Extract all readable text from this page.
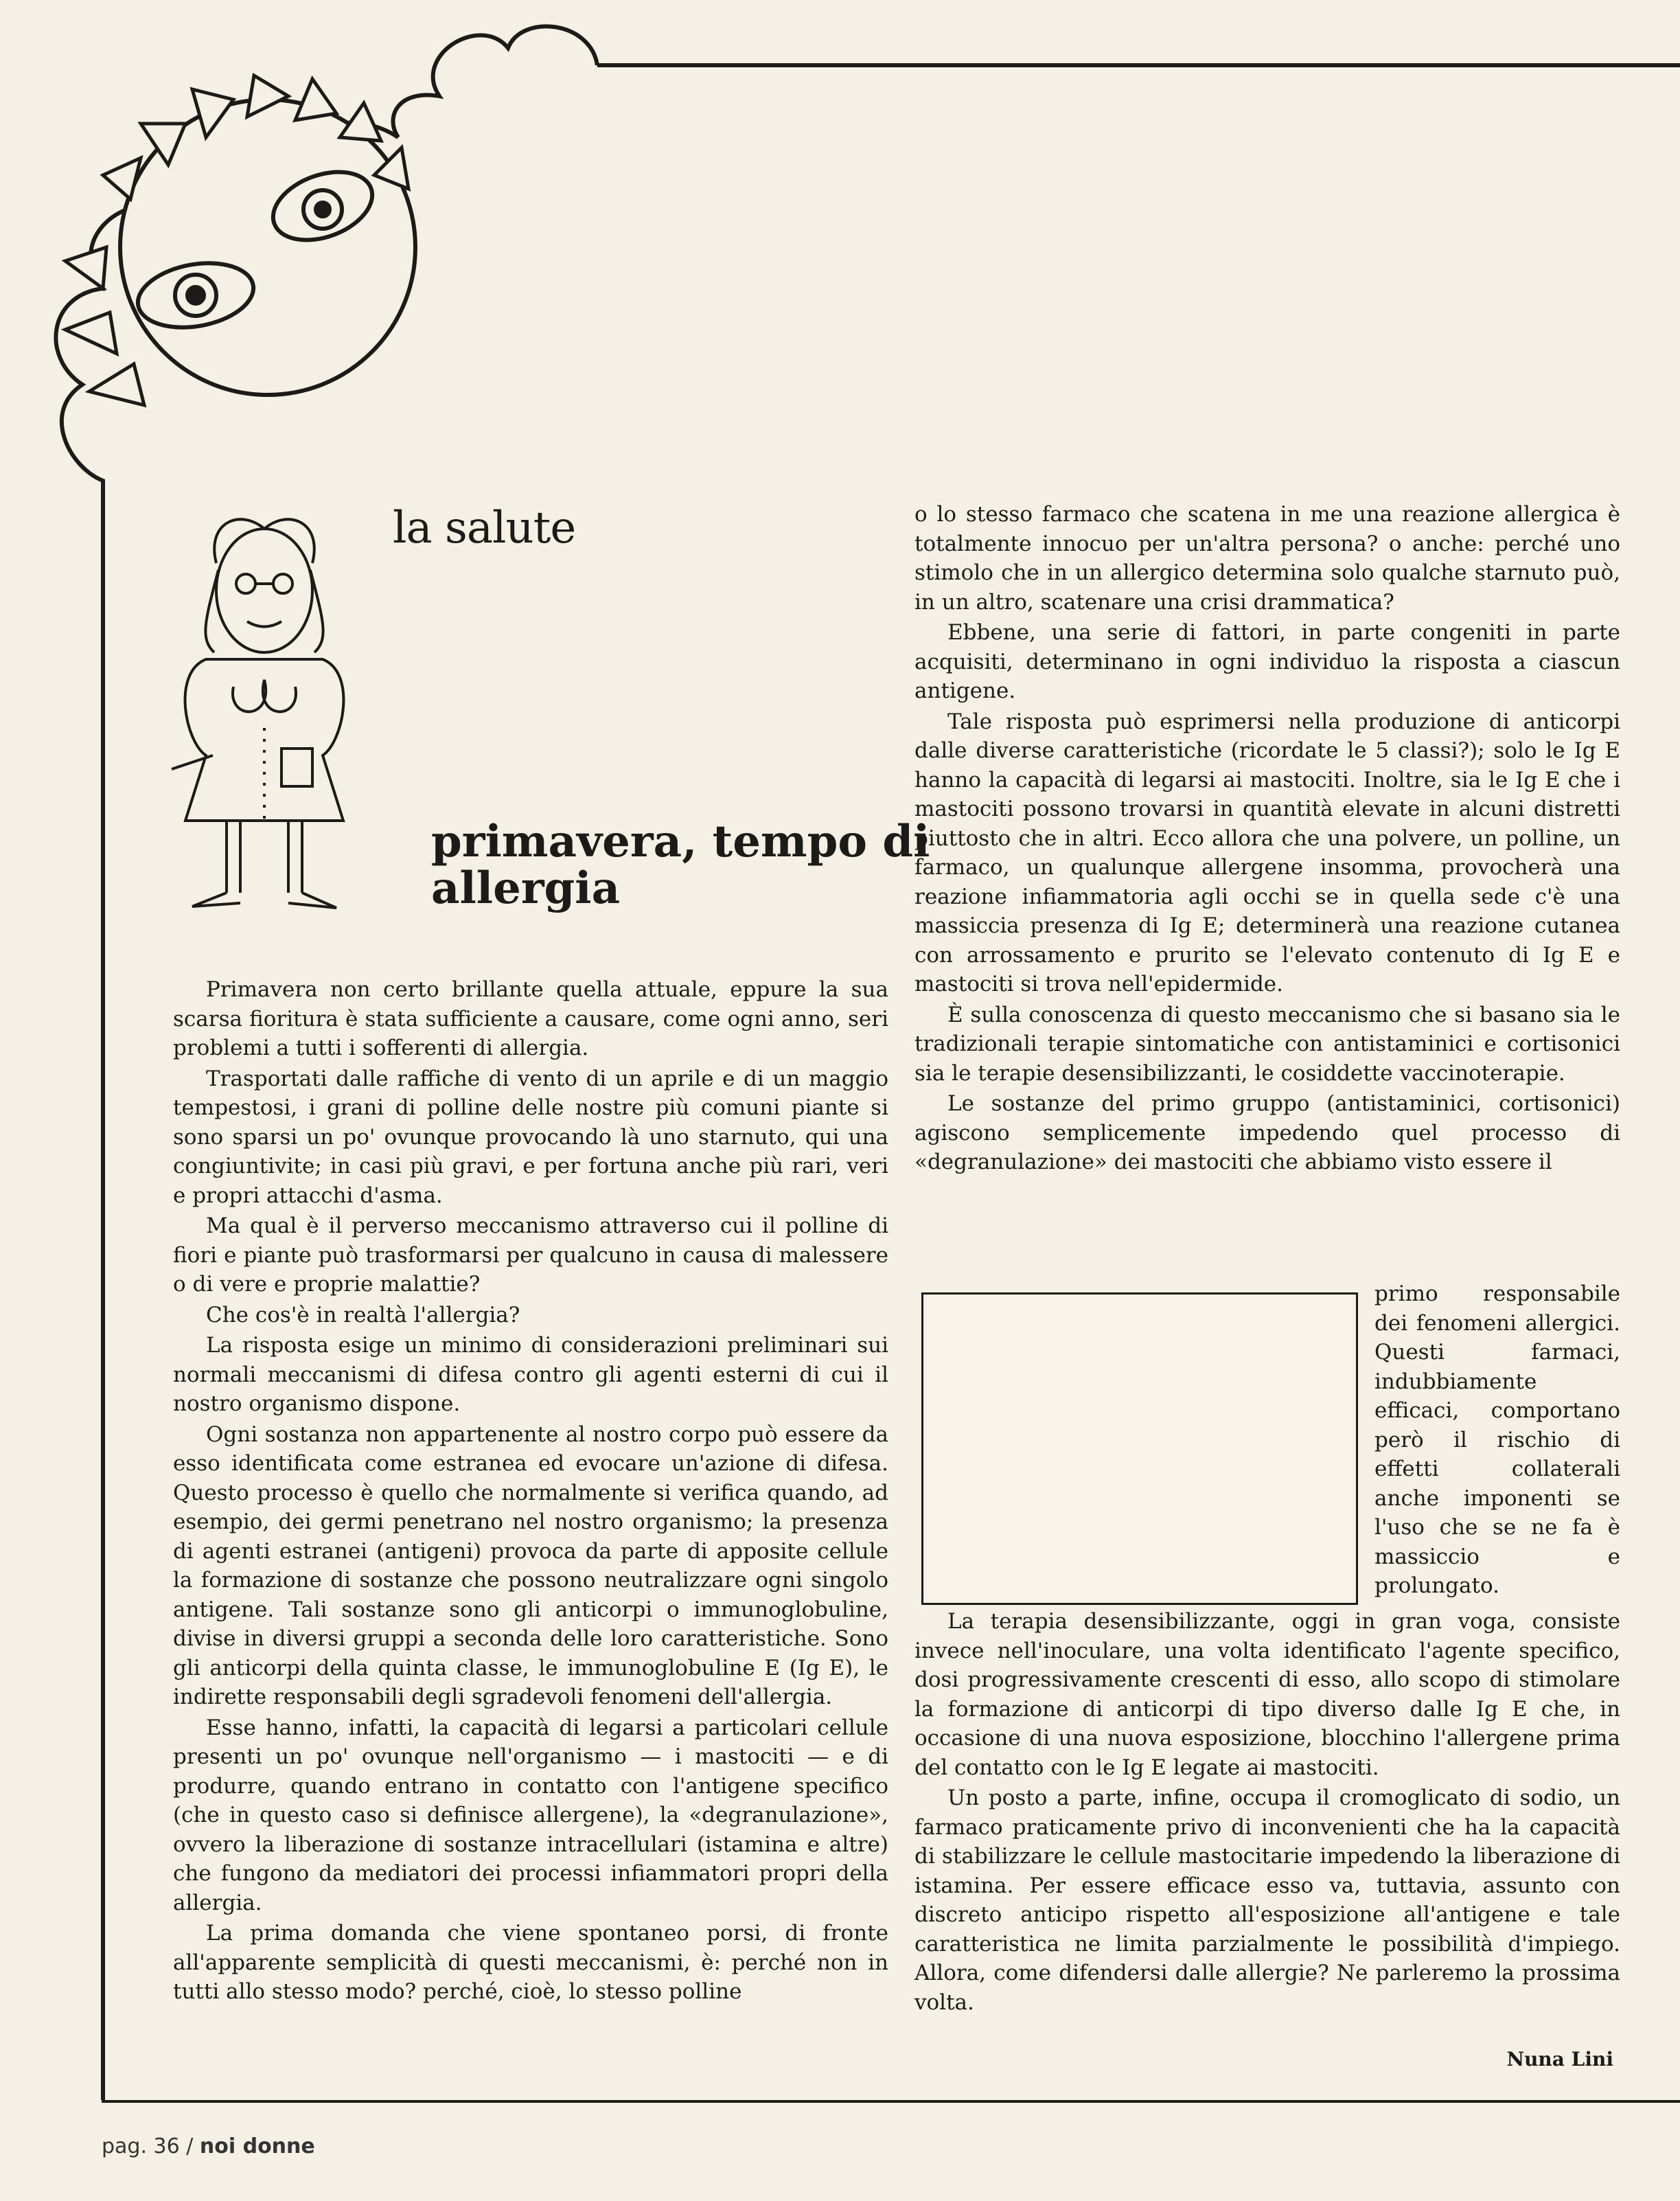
la salute
primavera, tempo di allergia

Primavera non certo brillante quella attuale, eppure la sua scarsa fioritura è stata sufficiente a causare, come ogni anno, seri problemi a tutti i sofferenti di allergia.

Trasportati dalle raffiche di vento di un aprile e di un maggio tempestosi, i grani di polline delle nostre più comuni piante si sono sparsi un po' ovunque provocando là uno starnuto, qui una congiuntivite; in casi più gravi, e per fortuna anche più rari, veri e propri attacchi d'asma.

Ma qual è il perverso meccanismo attraverso cui il polline di fiori e piante può trasformarsi per qualcuno in causa di malessere o di vere e proprie malattie?

Che cos'è in realtà l'allergia?

La risposta esige un minimo di considerazioni preliminari sui normali meccanismi di difesa contro gli agenti esterni di cui il nostro organismo dispone.

Ogni sostanza non appartenente al nostro corpo può essere da esso identificata come estranea ed evocare un'azione di difesa. Questo processo è quello che normalmente si verifica quando, ad esempio, dei germi penetrano nel nostro organismo; la presenza di agenti estranei (antigeni) provoca da parte di apposite cellule la formazione di sostanze che possono neutralizzare ogni singolo antigene. Tali sostanze sono gli anticorpi o immunoglobuline, divise in diversi gruppi a seconda delle loro caratteristiche. Sono gli anticorpi della quinta classe, le immunoglobuline E (Ig E), le indirette responsabili degli sgradevoli fenomeni dell'allergia.

Esse hanno, infatti, la capacità di legarsi a particolari cellule presenti un po' ovunque nell'organismo — i mastociti — e di produrre, quando entrano in contatto con l'antigene specifico (che in questo caso si definisce allergene), la «degranulazione», ovvero la liberazione di sostanze intracellulari (istamina e altre) che fungono da mediatori dei processi infiammatori propri della allergia.

La prima domanda che viene spontaneo porsi, di fronte all'apparente semplicità di questi meccanismi, è: perché non in tutti allo stesso modo? perché, cioè, lo stesso polline

o lo stesso farmaco che scatena in me una reazione allergica è totalmente innocuo per un'altra persona? o anche: perché uno stimolo che in un allergico determina solo qualche starnuto può, in un altro, scatenare una crisi drammatica?

Ebbene, una serie di fattori, in parte congeniti in parte acquisiti, determinano in ogni individuo la risposta a ciascun antigene.

Tale risposta può esprimersi nella produzione di anticorpi dalle diverse caratteristiche (ricordate le 5 classi?); solo le Ig E hanno la capacità di legarsi ai mastociti. Inoltre, sia le Ig E che i mastociti possono trovarsi in quantità elevate in alcuni distretti piuttosto che in altri. Ecco allora che una polvere, un polline, un farmaco, un qualunque allergene insomma, provocherà una reazione infiammatoria agli occhi se in quella sede c'è una massiccia presenza di Ig E; determinerà una reazione cutanea con arrossamento e prurito se l'elevato contenuto di Ig E e mastociti si trova nell'epidermide.

È sulla conoscenza di questo meccanismo che si basano sia le tradizionali terapie sintomatiche con antistaminici e cortisonici sia le terapie desensibilizzanti, le cosiddette vaccinoterapie.

Le sostanze del primo gruppo (antistaminici, cortisonici) agiscono semplicemente impedendo quel processo di «degranulazione» dei mastociti che abbiamo visto essere il

primo responsabile dei fenomeni allergici. Questi farmaci, indubbiamente efficaci, comportano però il rischio di effetti collaterali anche imponenti se l'uso che se ne fa è massiccio e prolungato.

La terapia desensibilizzante, oggi in gran voga, consiste invece nell'inoculare, una volta identificato l'agente specifico, dosi progressivamente crescenti di esso, allo scopo di stimolare la formazione di anticorpi di tipo diverso dalle Ig E che, in occasione di una nuova esposizione, blocchino l'allergene prima del contatto con le Ig E legate ai mastociti.

Un posto a parte, infine, occupa il cromoglicato di sodio, un farmaco praticamente privo di inconvenienti che ha la capacità di stabilizzare le cellule mastocitarie impedendo la liberazione di istamina. Per essere efficace esso va, tuttavia, assunto con discreto anticipo rispetto all'esposizione all'antigene e tale caratteristica ne limita parzialmente le possibilità d'impiego. Allora, come difendersi dalle allergie? Ne parleremo la prossima volta.

Nuna Lini
pag. 36 / noi donne
